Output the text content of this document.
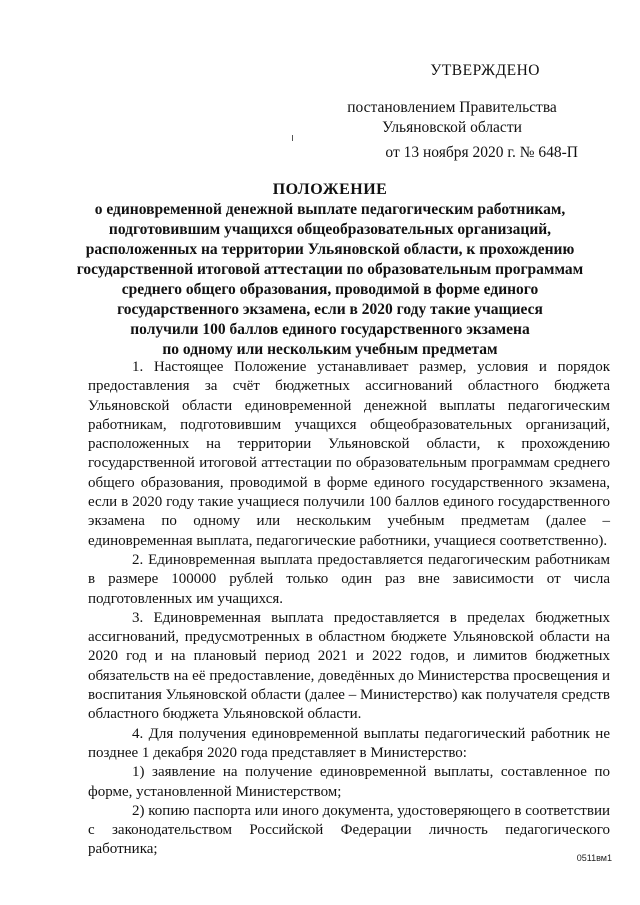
УТВЕРЖДЕНО
постановлением Правительства
Ульяновской области
от 13 ноября 2020 г. № 648-П
ПОЛОЖЕНИЕ
о единовременной денежной выплате педагогическим работникам,
подготовившим учащихся общеобразовательных организаций,
расположенных на территории Ульяновской области, к прохождению
государственной итоговой аттестации по образовательным программам
среднего общего образования, проводимой в форме единого
государственного экзамена, если в 2020 году такие учащиеся
получили 100 баллов единого государственного экзамена
по одному или нескольким учебным предметам

1. Настоящее Положение устанавливает размер, условия и порядок предоставления за счёт бюджетных ассигнований областного бюджета Ульяновской области единовременной денежной выплаты педагогическим работникам, подготовившим учащихся общеобразовательных организаций, расположенных на территории Ульяновской области, к прохождению государственной итоговой аттестации по образовательным программам среднего общего образования, проводимой в форме единого государственного экзамена, если в 2020 году такие учащиеся получили 100 баллов единого государственного экзамена по одному или нескольким учебным предметам (далее – единовременная выплата, педагогические работники, учащиеся соответственно).

2. Единовременная выплата предоставляется педагогическим работникам в размере 100000 рублей только один раз вне зависимости от числа подготовленных им учащихся.

3. Единовременная выплата предоставляется в пределах бюджетных ассигнований, предусмотренных в областном бюджете Ульяновской области на 2020 год и на плановый период 2021 и 2022 годов, и лимитов бюджетных обязательств на её предоставление, доведённых до Министерства просвещения и воспитания Ульяновской области (далее – Министерство) как получателя средств областного бюджета Ульяновской области.

4. Для получения единовременной выплаты педагогический работник не позднее 1 декабря 2020 года представляет в Министерство:

1) заявление на получение единовременной выплаты, составленное по форме, установленной Министерством;

2) копию паспорта или иного документа, удостоверяющего в соответствии с законодательством Российской Федерации личность педагогического работника;

0511вм1
